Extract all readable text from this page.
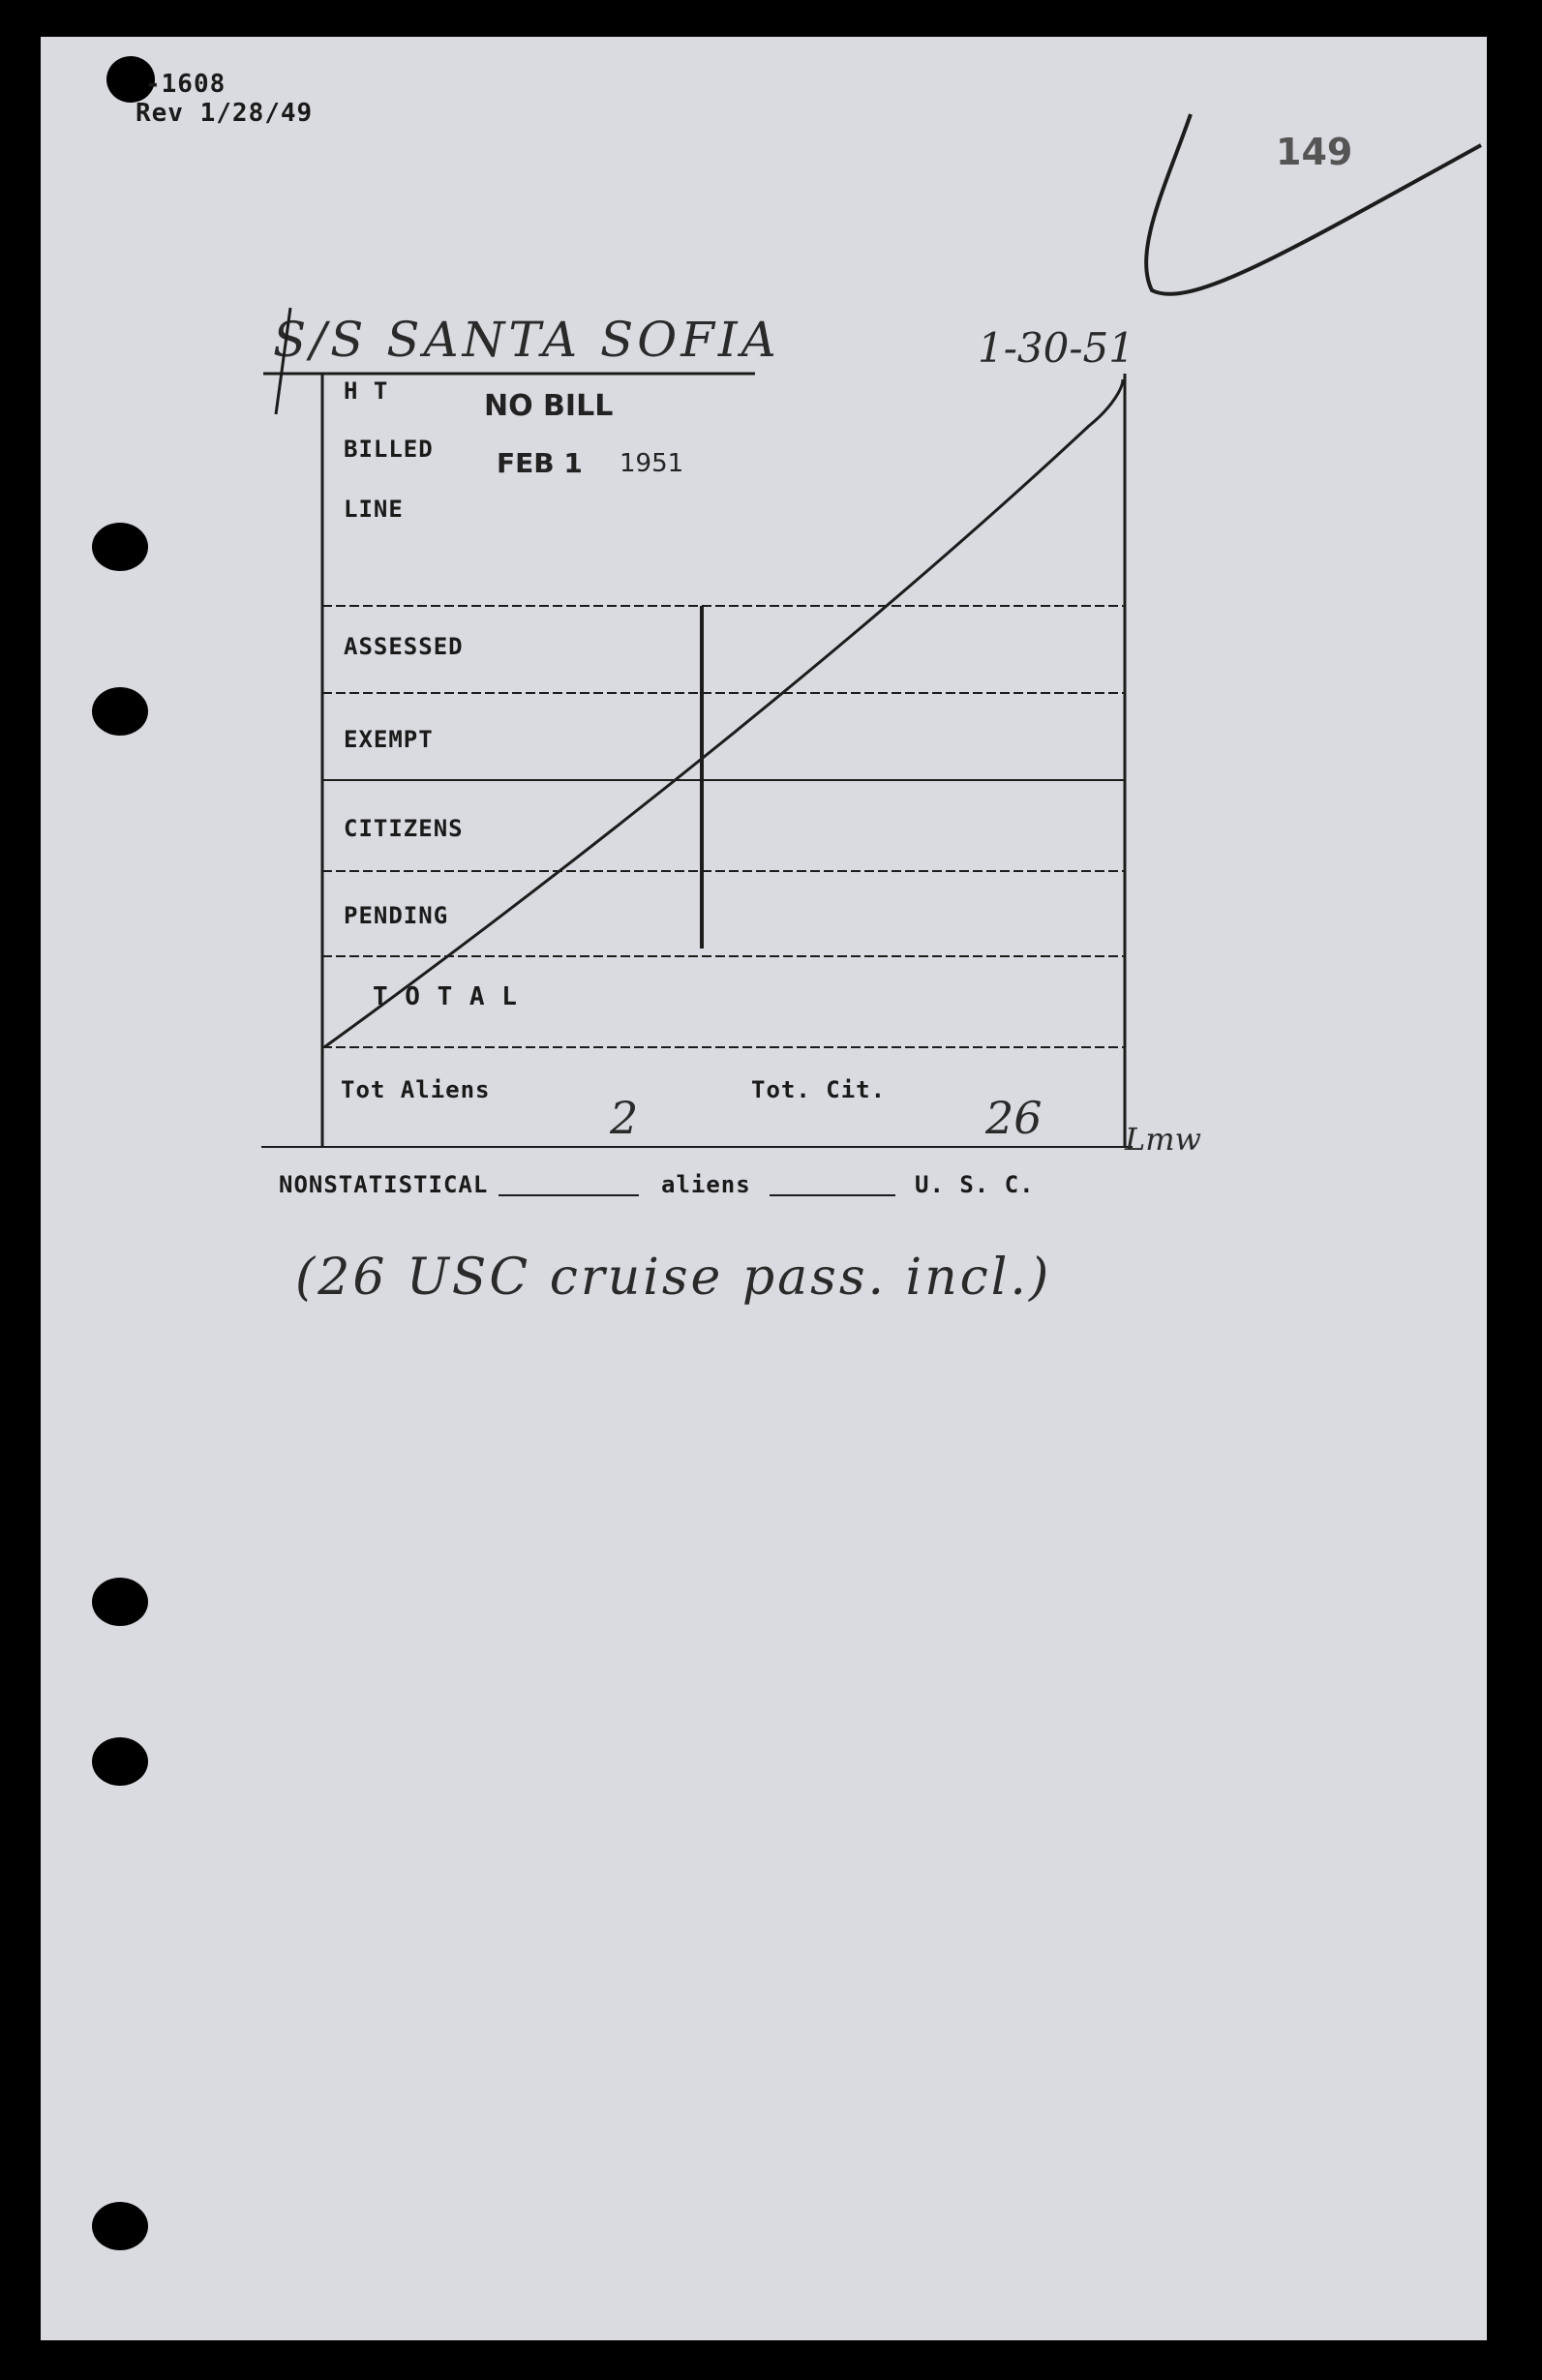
-1608
Rev 1/28/49
149
S/S SANTA SOFIA	1-30-51
H T
BILLED
LINE
ASSESSED
EXEMPT
CITIZENS
PENDING
T O T A L
Tot Aliens	Tot. Cit.
NO BILL
FEB 1 1951
2	26	Lmw
NONSTATISTICAL	aliens	U. S. C.
(26 USC cruise pass. incl.)
